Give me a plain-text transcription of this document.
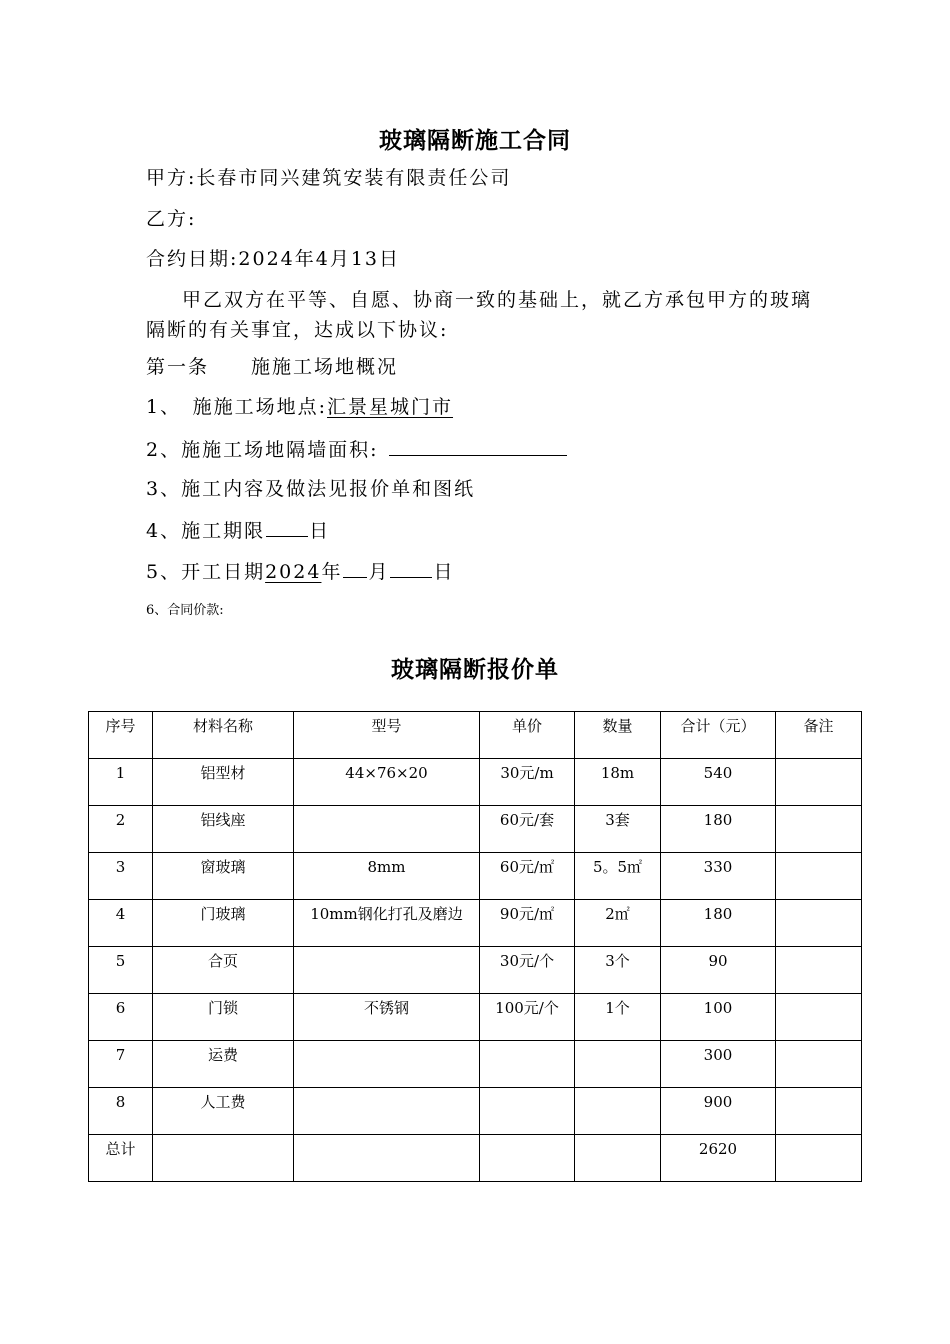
玻璃隔断施工合同
甲方:长春市同兴建筑安装有限责任公司
乙方:
合约日期:2024年4月13日
甲乙双方在平等、自愿、协商一致的基础上，就乙方承包甲方的玻璃隔断的有关事宜，达成以下协议:
第一条　　施施工场地概况
1、　施施工场地点:汇景星城门市
2、施施工场地隔墙面积:
3、施工内容及做法见报价单和图纸
4、施工期限 日
5、开工日期2024年 月 日
6、合同价款:
玻璃隔断报价单
序号	材料名称	型号	单价	数量	合计（元）	备注
1	铝型材	44×76×20	30元/m	18m	540	
2	铝线座		60元/套	3套	180	
3	窗玻璃	8mm	60元/㎡	5。5㎡	330	
4	门玻璃	10mm钢化打孔及磨边	90元/㎡	2㎡	180	
5	合页		30元/个	3个	90	
6	门锁	不锈钢	100元/个	1个	100	
7	运费				300	
8	人工费				900	
总计					2620	
